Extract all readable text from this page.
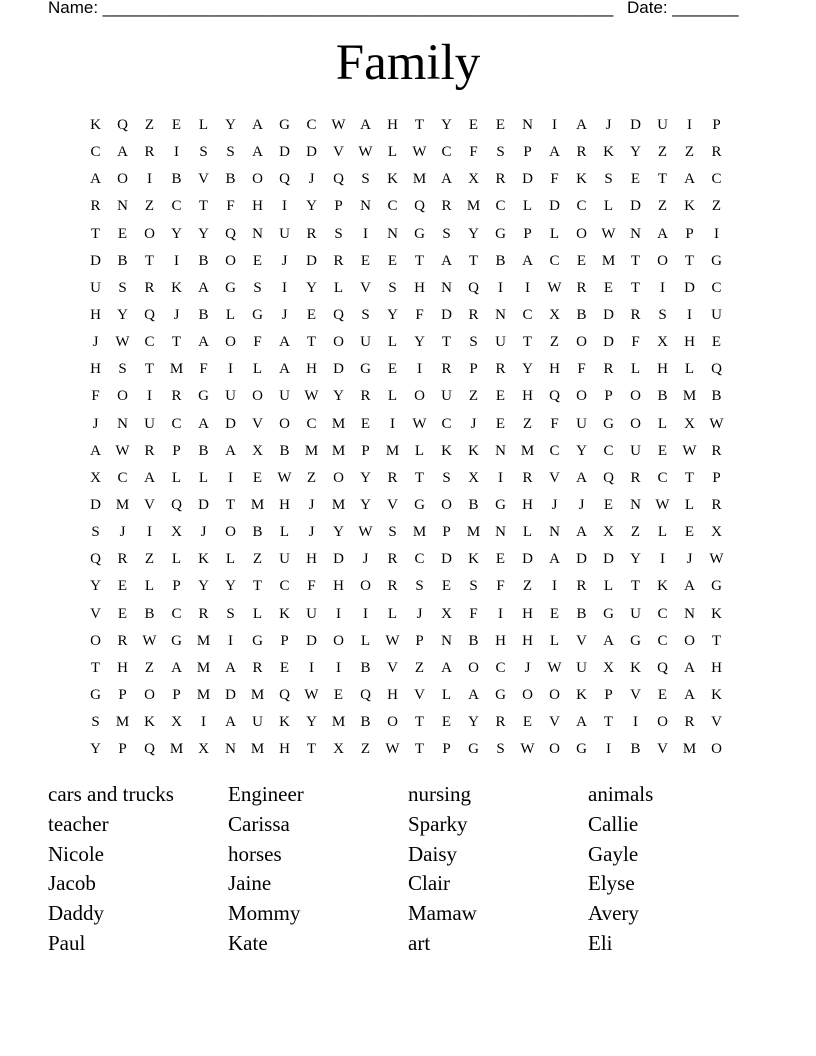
Name: ______________________________________________________ Date: _______
Family
K	Q	Z	E	L	Y	A	G	C W A	H	T	Y	E	E	N	I	A	J	D	U	I	P
C	A	R	I	S	S	A	D	D	V W	L	W C	F	S	P	A	R	K	Y	Z	Z	R
A	O	I	B	V	B	O	Q	J	Q	S	K M A	X	R	D	F	K	S	E	T	A	C
R	N	Z	C	T	F	H	I	Y	P	N	C	Q	R	M	C	L	D	C	L	D	Z	K	Z
T	E	O	Y	Y	Q	N	U	R	S	I	N	G	S	Y	G	P	L	O W N	A	P	I
D	B	T	I	B	O	E	J	D	R	E	E	T	A	T	B	A	C	E	M	T	O	T	G
U	S	R	K	A	G	S	I	Y	L	V	S	H	N	Q	I	I	W R	E	T	I	D	C
H	Y	Q	J	B	L	G	J	E	Q	S	Y	F	D	R	N	C	X	B	D	R	S	I	U
J	W C	T	A	O	F	A	T	O	U	L	Y	T	S	U	T	Z	O	D	F	X	H	E
H	S	T	M	F	I	L	A	H	D	G	E	I	R	P	R	Y	H	F	R	L	H	L	Q
F	O	I	R	G	U	O	U W Y	R	L	O	U	Z	E	H	Q	O	P	O	B	M	B
J	N	U	C	A	D	V	O	C	M	E	I	W C	J	E	Z	F	U	G	O	L	X W
A W R	P	B	A	X	B	M M	P	M	L	K	K	N M	C	Y	C	U	E	W R
X	C	A	L	L	I	E	W	Z	O	Y	R	T	S	X	I	R	V	A	Q	R	C	T	P
D M V	Q	D	T	M H	J	M Y	V	G	O	B	G	H	J	J	E	N W	L	R
S	J	I	X	J	O	B	L	J	Y W	S	M	P	M N	L	N	A	X	Z	L	E	X
Q	R	Z	L	K	L	Z	U	H	D	J	R	C	D	K	E	D	A	D	D	Y	I	J	W
Y	E	L	P	Y	Y	T	C	F	H	O	R	S	E	S	F	Z	I	R	L	T	K	A	G
V	E	B	C	R	S	L	K	U	I	I	L	J	X	F	I	H	E	B	G	U	C	N	K
O	R W G M	I	G	P	D	O	L	W	P	N	B	H	H	L	V	A	G	C	O	T
T	H	Z	A M A	R	E	I	I	B	V	Z	A	O	C	J	W U	X	K	Q	A	H
G	P	O	P	M D M Q W	E	Q	H	V	L	A	G	O	O	K	P	V	E	A	K
S	M K	X	I	A	U	K	Y M	B	O	T	E	Y	R	E	V	A	T	I	O	R	V
Y	P	Q M X	N M H	T	X	Z	W	T	P	G	S	W O	G	I	B	V M O
cars and trucks	Engineer	nursing	animals
teacher	Carissa	Sparky	Callie
Nicole	horses	Daisy	Gayle
Jacob	Jaine	Clair	Elyse
Daddy	Mommy	Mamaw	Avery
Paul	Kate	art	Eli
